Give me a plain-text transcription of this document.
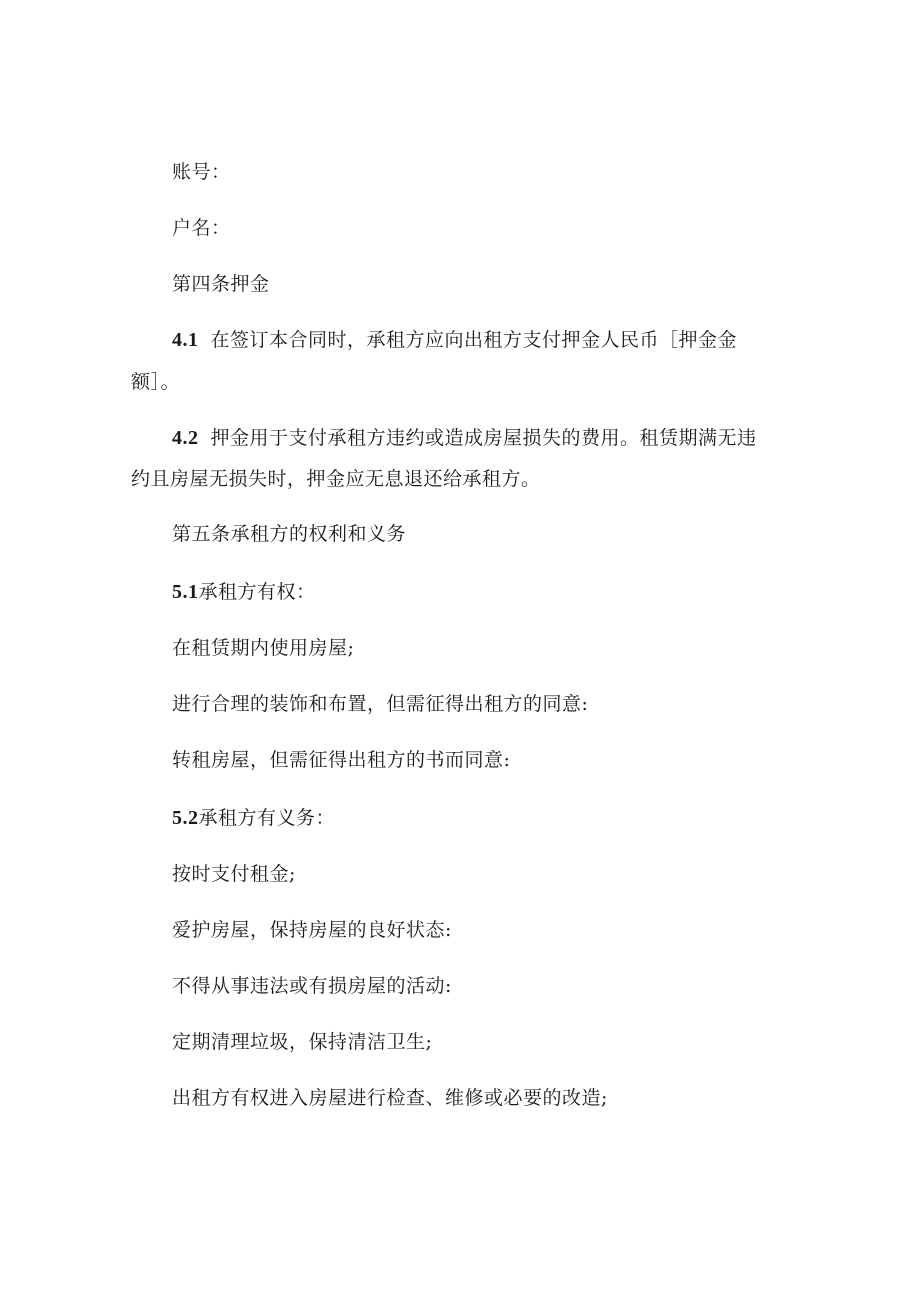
账号：
户名：
第四条押金
4.1 在签订本合同时，承租方应向出租方支付押金人民币［押金金
额］。
4.2 押金用于支付承租方违约或造成房屋损失的费用。租赁期满无违
约且房屋无损失时，押金应无息退还给承租方。
第五条承租方的权利和义务
5.1承租方有权：
在租赁期内使用房屋;
进行合理的装饰和布置，但需征得出租方的同意:
转租房屋，但需征得出租方的书而同意:
5.2承租方有义务：
按时支付租金;
爱护房屋，保持房屋的良好状态:
不得从事违法或有损房屋的活动:
定期清理垃圾，保持清洁卫生;
出租方有权进入房屋进行检查、维修或必要的改造;
